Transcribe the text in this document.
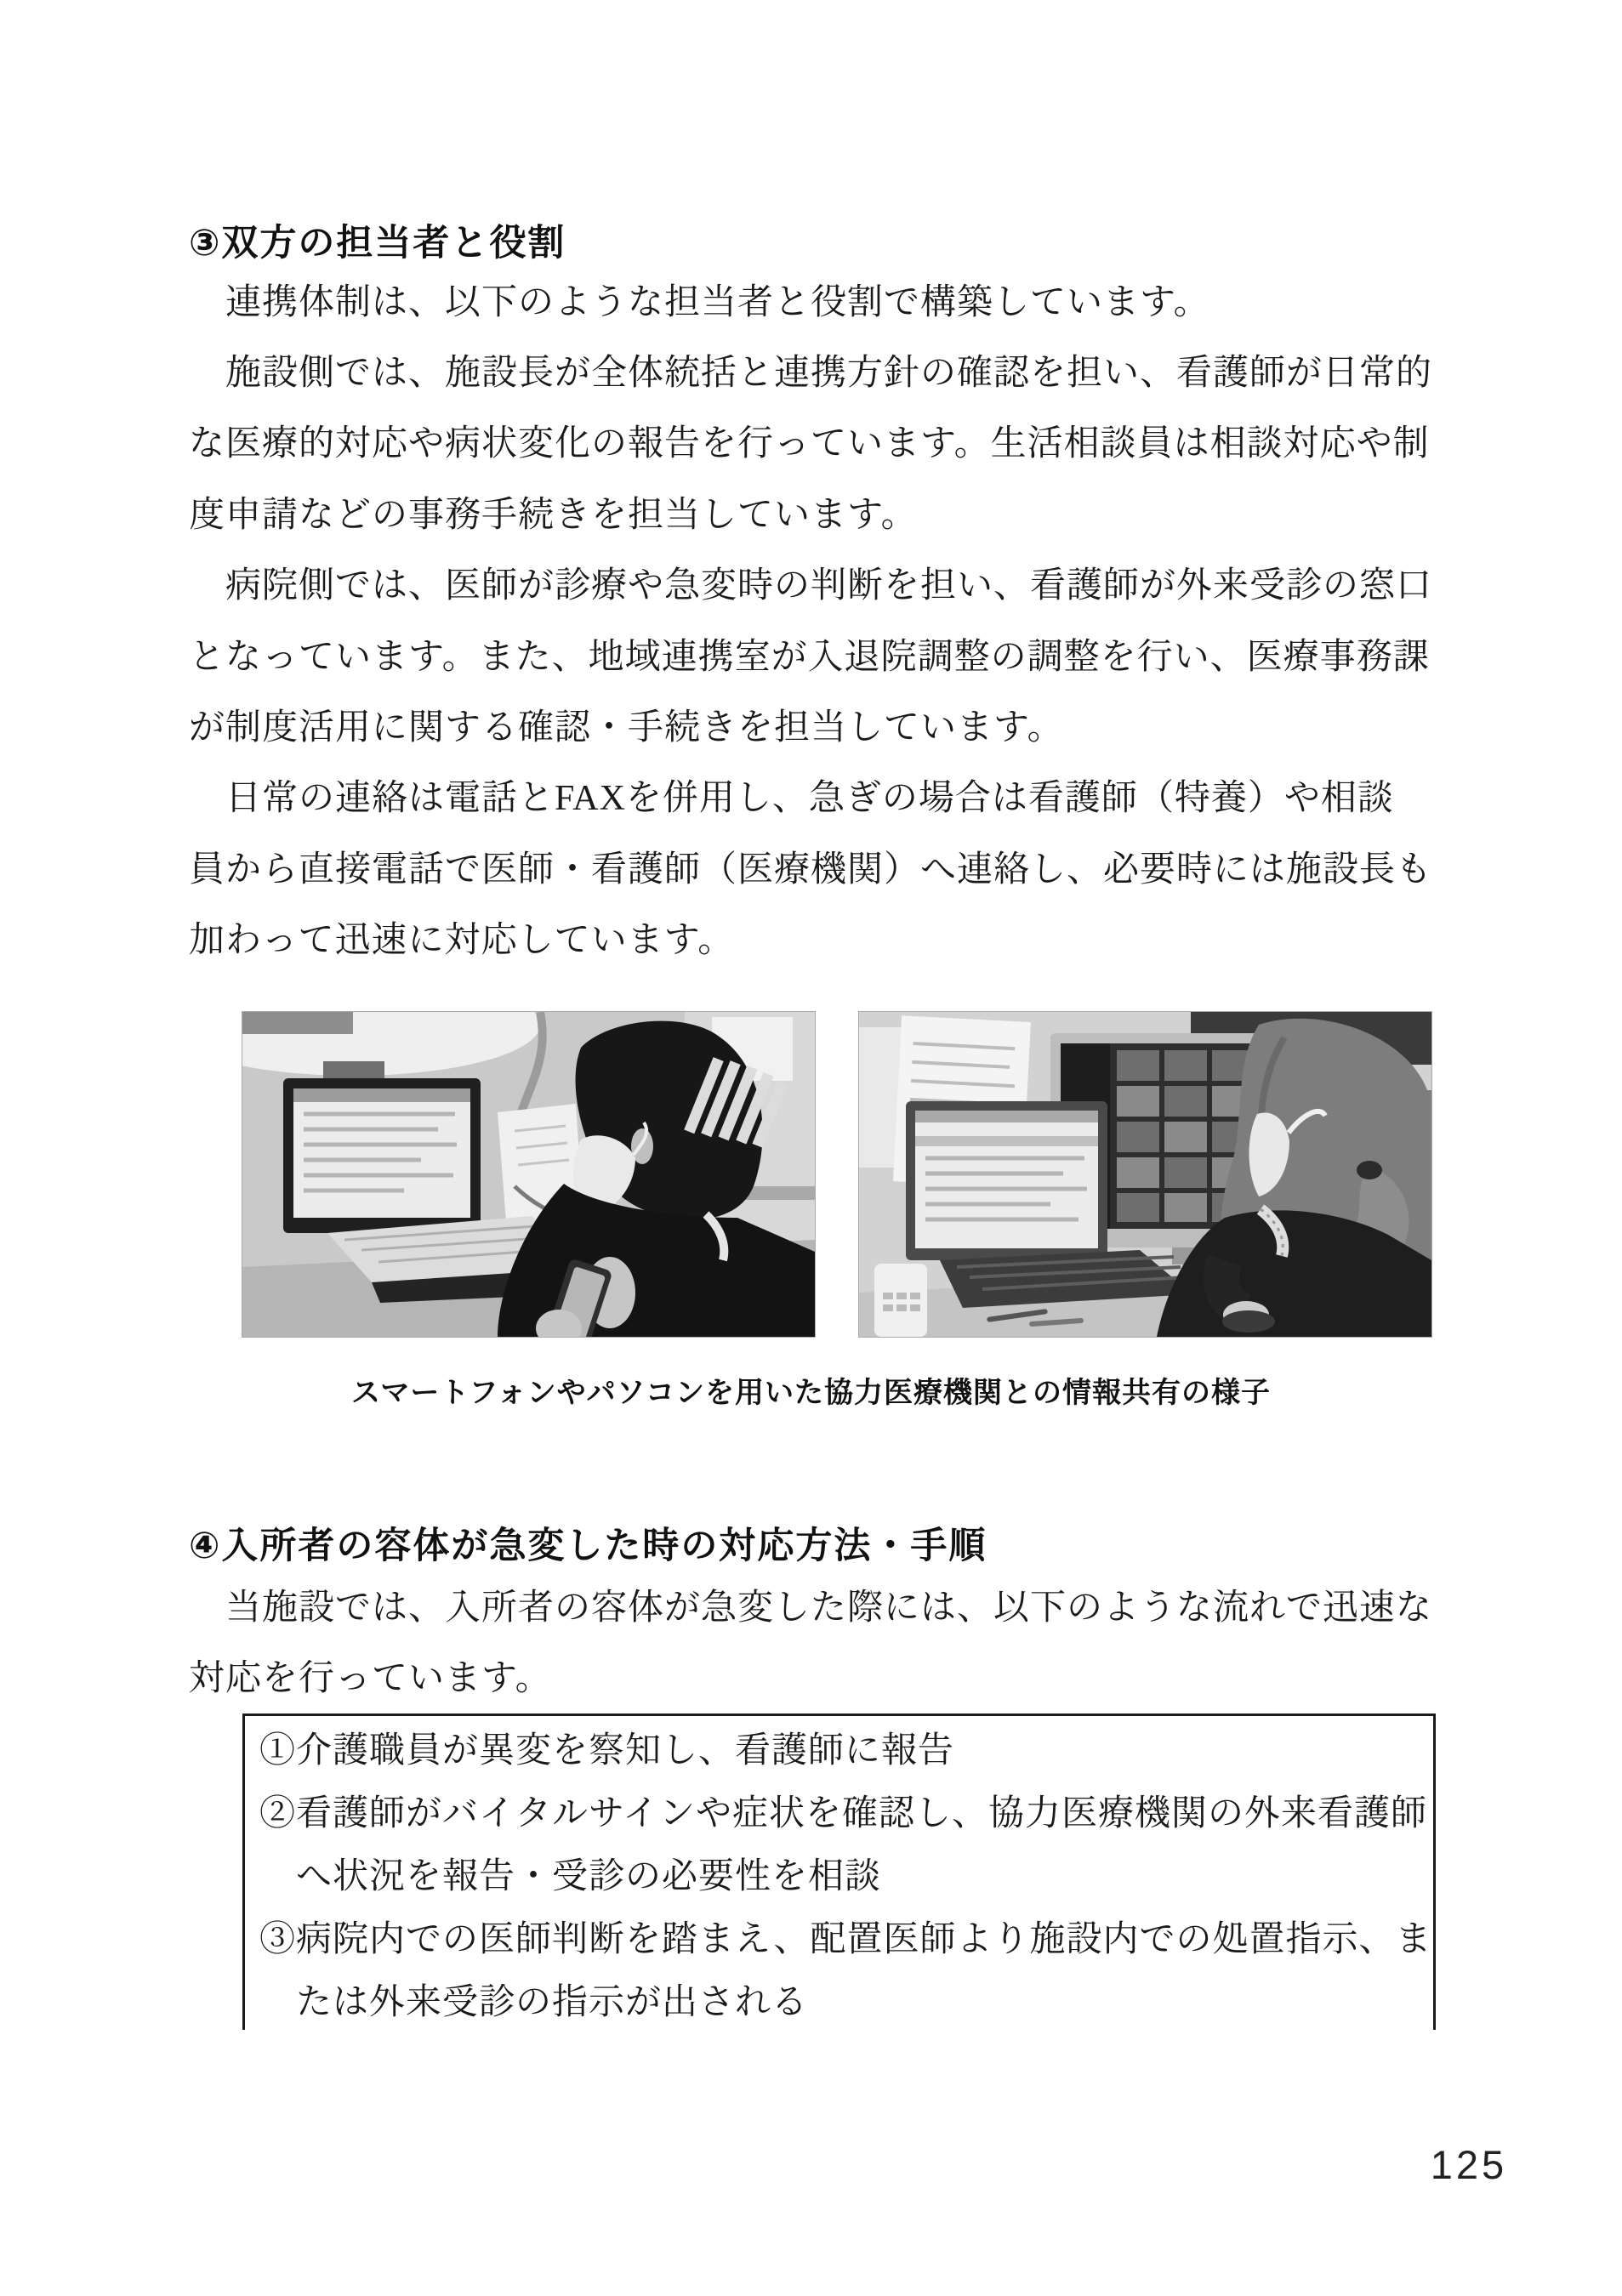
③双方の担当者と役割
　連携体制は、以下のような担当者と役割で構築しています。
　施設側では、施設長が全体統括と連携方針の確認を担い、看護師が日常的
な医療的対応や病状変化の報告を行っています。生活相談員は相談対応や制
度申請などの事務手続きを担当しています。
　病院側では、医師が診療や急変時の判断を担い、看護師が外来受診の窓口
となっています。また、地域連携室が入退院調整の調整を行い、医療事務課
が制度活用に関する確認・手続きを担当しています。
　日常の連絡は電話とFAXを併用し、急ぎの場合は看護師（特養）や相談
員から直接電話で医師・看護師（医療機関）へ連絡し、必要時には施設長も
加わって迅速に対応しています。
スマートフォンやパソコンを用いた協力医療機関との情報共有の様子
④入所者の容体が急変した時の対応方法・手順
　当施設では、入所者の容体が急変した際には、以下のような流れで迅速な
対応を行っています。
①介護職員が異変を察知し、看護師に報告
②看護師がバイタルサインや症状を確認し、協力医療機関の外来看護師
　へ状況を報告・受診の必要性を相談
③病院内での医師判断を踏まえ、配置医師より施設内での処置指示、ま
　たは外来受診の指示が出される
125
